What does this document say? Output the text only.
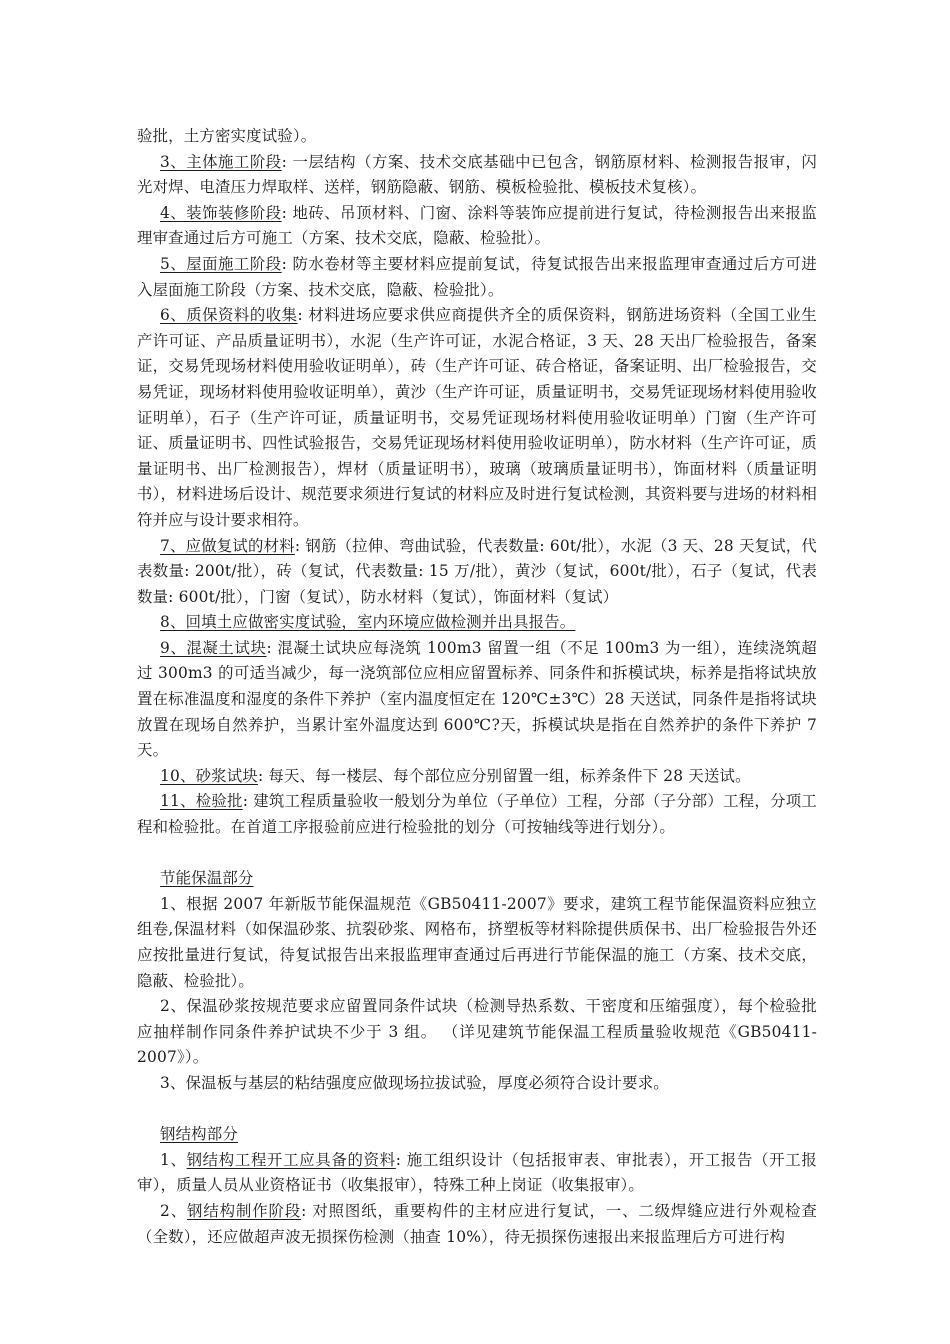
验批，土方密实度试验）。

3、主体施工阶段: 一层结构（方案、技术交底基础中已包含，钢筋原材料、检测报告报审，闪光对焊、电渣压力焊取样、送样，钢筋隐蔽、钢筋、模板检验批、模板技术复核）。

4、装饰装修阶段: 地砖、吊顶材料、门窗、涂料等装饰应提前进行复试，待检测报告出来报监理审查通过后方可施工（方案、技术交底，隐蔽、检验批）。

5、屋面施工阶段: 防水卷材等主要材料应提前复试，待复试报告出来报监理审查通过后方可进入屋面施工阶段（方案、技术交底，隐蔽、检验批）。

6、质保资料的收集: 材料进场应要求供应商提供齐全的质保资料，钢筋进场资料（全国工业生产许可证、产品质量证明书），水泥（生产许可证，水泥合格证，3 天、28 天出厂检验报告，备案证，交易凭现场材料使用验收证明单），砖（生产许可证、砖合格证，备案证明、出厂检验报告，交易凭证，现场材料使用验收证明单），黄沙（生产许可证，质量证明书，交易凭证现场材料使用验收证明单），石子（生产许可证，质量证明书，交易凭证现场材料使用验收证明单）门窗（生产许可证、质量证明书、四性试验报告，交易凭证现场材料使用验收证明单），防水材料（生产许可证，质量证明书、出厂检测报告），焊材（质量证明书），玻璃（玻璃质量证明书），饰面材料（质量证明书），材料进场后设计、规范要求须进行复试的材料应及时进行复试检测，其资料要与进场的材料相符并应与设计要求相符。

7、应做复试的材料: 钢筋（拉伸、弯曲试验，代表数量: 60t/批），水泥（3 天、28 天复试，代表数量: 200t/批），砖（复试，代表数量: 15 万/批），黄沙（复试，600t/批），石子（复试，代表数量: 600t/批），门窗（复试），防水材料（复试），饰面材料（复试）

8、回填土应做密实度试验，室内环境应做检测并出具报告。

9、混凝土试块: 混凝土试块应每浇筑 100m3 留置一组（不足 100m3 为一组），连续浇筑超过 300m3 的可适当减少，每一浇筑部位应相应留置标养、同条件和拆模试块，标养是指将试块放置在标准温度和湿度的条件下养护（室内温度恒定在 120℃±3℃）28 天送试，同条件是指将试块放置在现场自然养护，当累计室外温度达到 600℃?天，拆模试块是指在自然养护的条件下养护 7 天。

10、砂浆试块: 每天、每一楼层、每个部位应分别留置一组，标养条件下 28 天送试。

11、检验批: 建筑工程质量验收一般划分为单位（子单位）工程，分部（子分部）工程，分项工程和检验批。在首道工序报验前应进行检验批的划分（可按轴线等进行划分）。

节能保温部分

1、根据 2007 年新版节能保温规范《GB50411-2007》要求，建筑工程节能保温资料应独立组卷,保温材料（如保温砂浆、抗裂砂浆、网格布，挤塑板等材料除提供质保书、出厂检验报告外还应按批量进行复试，待复试报告出来报监理审查通过后再进行节能保温的施工（方案、技术交底，隐蔽、检验批）。

2、保温砂浆按规范要求应留置同条件试块（检测导热系数、干密度和压缩强度），每个检验批应抽样制作同条件养护试块不少于 3 组。 （详见建筑节能保温工程质量验收规范《GB50411-2007》）。

3、保温板与基层的粘结强度应做现场拉拔试验，厚度必须符合设计要求。

钢结构部分

1、钢结构工程开工应具备的资料: 施工组织设计（包括报审表、审批表），开工报告（开工报审），质量人员从业资格证书（收集报审），特殊工种上岗证（收集报审）。

2、钢结构制作阶段: 对照图纸，重要构件的主材应进行复试，一、二级焊缝应进行外观检查（全数），还应做超声波无损探伤检测（抽查 10%），待无损探伤速报出来报监理后方可进行构
